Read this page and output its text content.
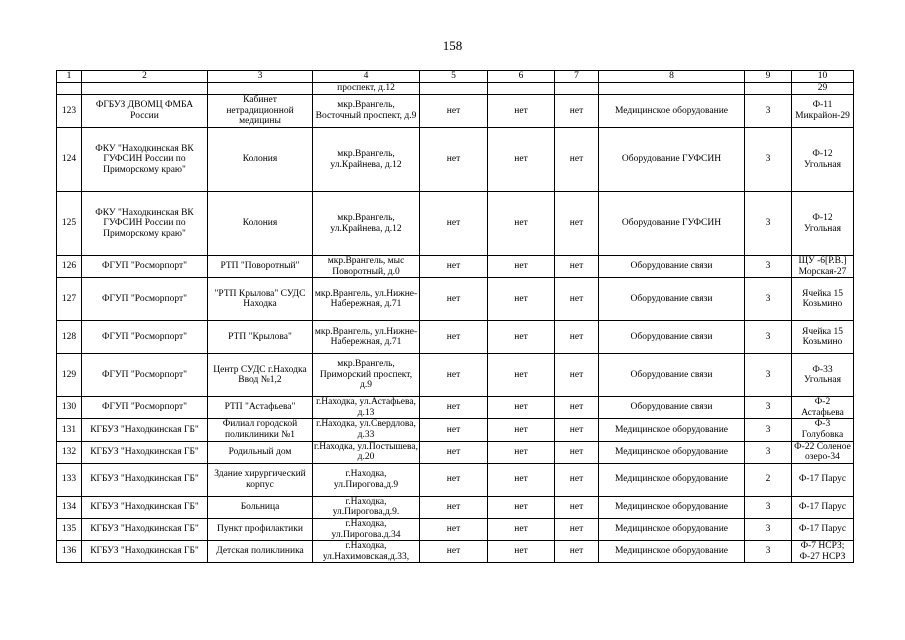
158
1	2	3	4	5	6	7	8	9	10
			проспект, д.12						29
123	ФГБУЗ ДВОМЦ ФМБА России	Кабинет нетрадиционной медицины	мкр.Врангель, Восточный проспект, д.9	нет	нет	нет	Медицинское оборудование	3	Ф-11 Микрайон-29
124	ФКУ "Находкинская ВК ГУФСИН России по Приморскому краю"	Колония	мкр.Врангель, ул.Крайнева, д.12	нет	нет	нет	Оборудование ГУФСИН	3	Ф-12 Угольная
125	ФКУ "Находкинская ВК ГУФСИН России по Приморскому краю"	Колония	мкр.Врангель, ул.Крайнева, д.12	нет	нет	нет	Оборудование ГУФСИН	3	Ф-12 Угольная
126	ФГУП "Росморпорт"	РТП "Поворотный"	мкр.Врангель, мыс Поворотный, д.0	нет	нет	нет	Оборудование связи	3	ЩУ -6[Р.В.] Морская-27
127	ФГУП "Росморпорт"	"РТП Крылова" СУДС Находка	мкр.Врангель, ул.Нижне-Набережная, д.71	нет	нет	нет	Оборудование связи	3	Ячейка 15 Козьмино
128	ФГУП "Росморпорт"	РТП "Крылова"	мкр.Врангель, ул.Нижне-Набережная, д.71	нет	нет	нет	Оборудование связи	3	Ячейка 15 Козьмино
129	ФГУП "Росморпорт"	Центр СУДС г.Находка Ввод №1,2	мкр.Врангель, Приморский проспект, д.9	нет	нет	нет	Оборудование связи	3	Ф-33 Угольная
130	ФГУП "Росморпорт"	РТП "Астафьева"	г.Находка, ул.Астафьева, д.13	нет	нет	нет	Оборудование связи	3	Ф-2 Астафьева
131	КГБУЗ "Находкинская ГБ"	Филиал городской поликлиники №1	г.Находка, ул.Свердлова, д.33	нет	нет	нет	Медицинское оборудование	3	Ф-3 Голубовка
132	КГБУЗ "Находкинская ГБ"	Родильный дом	г.Находка, ул.Постышева, д.20	нет	нет	нет	Медицинское оборудование	3	Ф-22 Соленое озеро-34
133	КГБУЗ "Находкинская ГБ"	Здание хирургический корпус	г.Находка, ул.Пирогова,д.9	нет	нет	нет	Медицинское оборудование	2	Ф-17 Парус
134	КГБУЗ "Находкинская ГБ"	Больница	г.Находка, ул.Пирогова,д.9.	нет	нет	нет	Медицинское оборудование	3	Ф-17 Парус
135	КГБУЗ "Находкинская ГБ"	Пункт профилактики	г.Находка, ул.Пирогова.д.34	нет	нет	нет	Медицинское оборудование	3	Ф-17 Парус
136	КГБУЗ "Находкинская ГБ"	Детская поликлиника	г.Находка, ул.Нахимовская,д.33,	нет	нет	нет	Медицинское оборудование	3	Ф-7 НСРЗ; Ф-27 НСРЗ
